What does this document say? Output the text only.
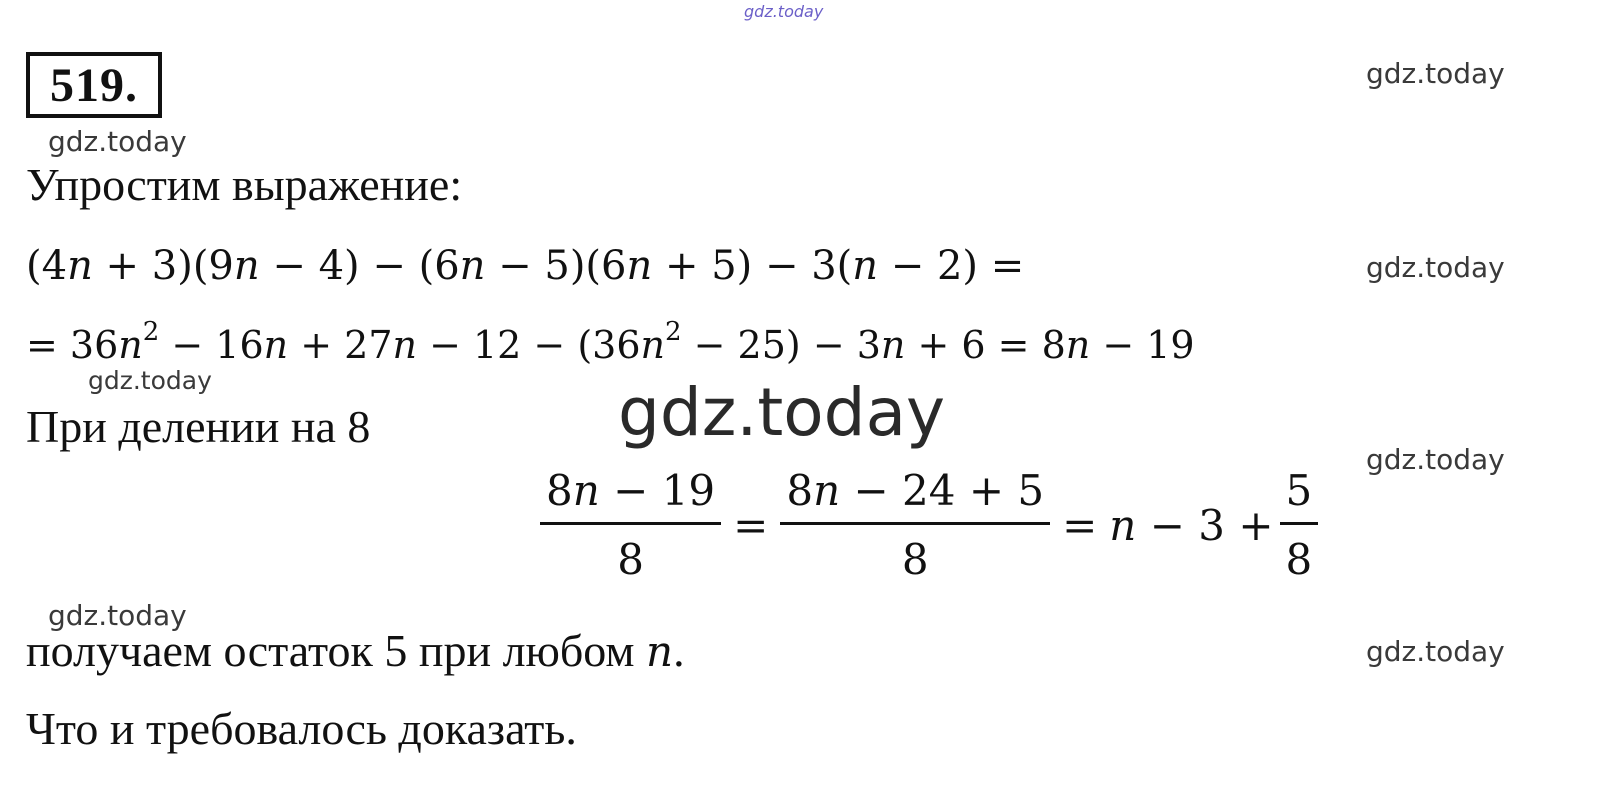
gdz.today
gdz.today
gdz.today
gdz.today
gdz.today
gdz.today
gdz.today
gdz.today
gdz.today
519.
Упростим выражение:
(4n + 3)(9n − 4) − (6n − 5)(6n + 5) − 3(n − 2) =
= $36n^2 - 16n + 27n - 12 - (36n^2 - 25) - 3n + 6 = 8n - 19$
При делении на 8
$\frac{8n - 19}{8} = \frac{8n - 24 + 5}{8} = n - 3 + \frac{5}{8}$
получаем остаток 5 при любом n.
Что и требовалось доказать.
